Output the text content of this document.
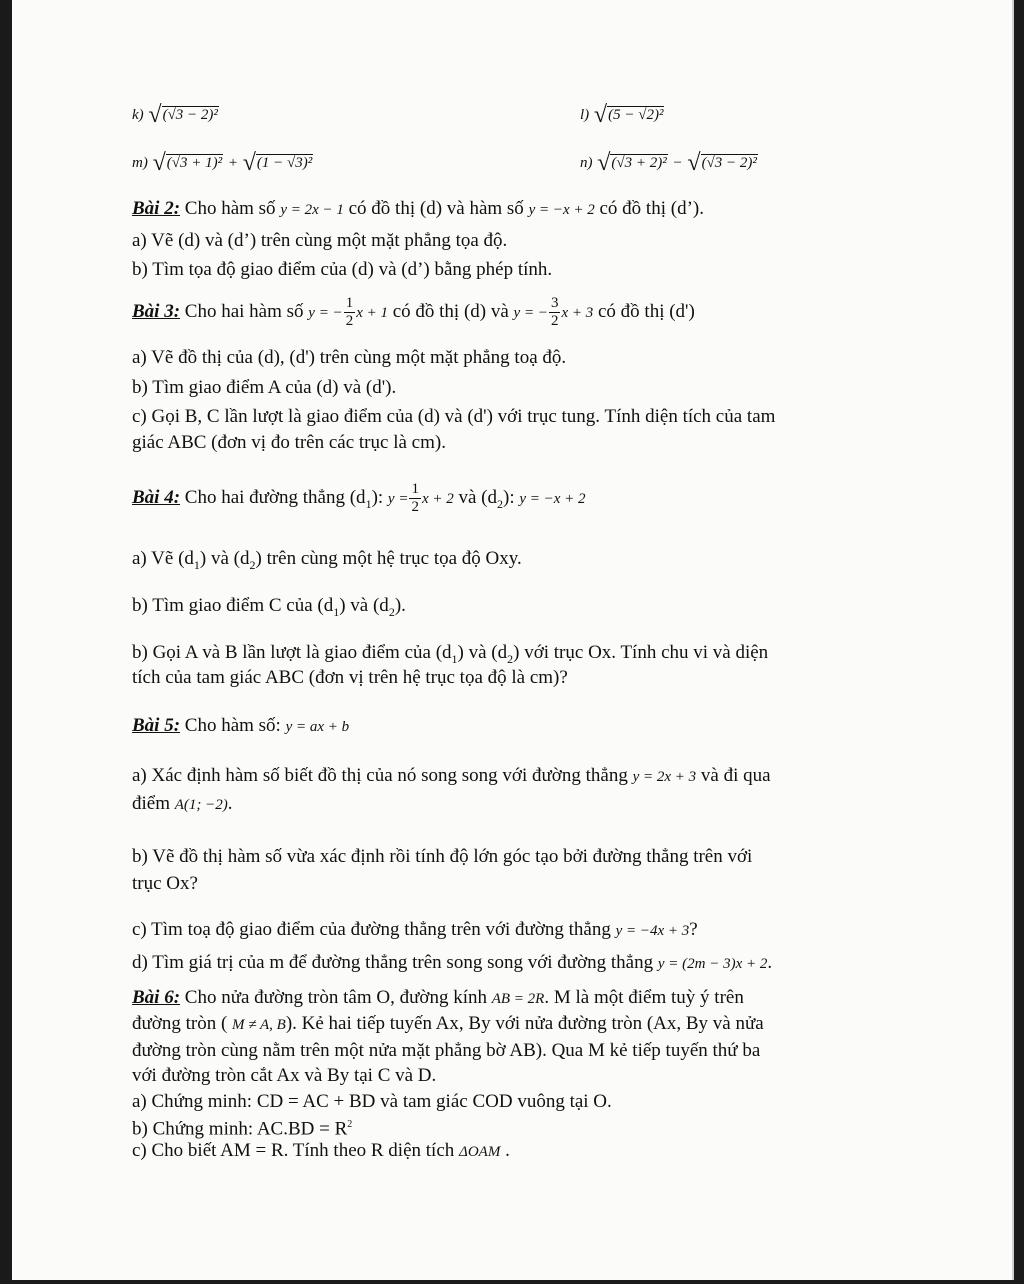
k) √(√3 − 2)²	l) √(5 − √2)²
m) √(√3 + 1)² + √(1 − √3)²	n) √(√3 + 2)² − √(√3 − 2)²
Bài 2: Cho hàm số y = 2x − 1 có đồ thị (d) và hàm số y = −x + 2 có đồ thị (d’).
a) Vẽ (d) và (d’) trên cùng một mặt phẳng tọa độ.
b) Tìm tọa độ giao điểm của (d) và (d’) bằng phép tính.
Bài 3: Cho hai hàm số y = − $\frac{1}{2}$ x + 1 có đồ thị (d) và y = − $\frac{3}{2}$ x + 3 có đồ thị (d')
a) Vẽ đồ thị của (d), (d') trên cùng một mặt phẳng toạ độ.
b) Tìm giao điểm A của (d) và (d').
c) Gọi B, C lần lượt là giao điểm của (d) và (d') với trục tung. Tính diện tích của tam
giác ABC (đơn vị đo trên các trục là cm).
Bài 4: Cho hai đường thẳng $(d_1)$: $y = \frac{1}{2}$ x + 2 và $(d_2)$: y = −x + 2
a) Vẽ $(d_1)$ và $(d_2)$ trên cùng một hệ trục tọa độ Oxy.
b) Tìm giao điểm C của $(d_1)$ và $(d_2)$.
b) Gọi A và B lần lượt là giao điểm của $(d_1)$ và $(d_2)$ với trục Ox. Tính chu vi và diện
tích của tam giác ABC (đơn vị trên hệ trục tọa độ là cm)?
Bài 5: Cho hàm số: y = ax + b
a) Xác định hàm số biết đồ thị của nó song song với đường thẳng y = 2x + 3 và đi qua
điểm A(1; −2).
b) Vẽ đồ thị hàm số vừa xác định rồi tính độ lớn góc tạo bởi đường thẳng trên với
trục Ox?
c) Tìm toạ độ giao điểm của đường thẳng trên với đường thẳng y = −4x + 3?
d) Tìm giá trị của m để đường thẳng trên song song với đường thẳng y = (2m − 3)x + 2.
Bài 6: Cho nửa đường tròn tâm O, đường kính AB = 2R. M là một điểm tuỳ ý trên
đường tròn ( M ≠ A, B). Kẻ hai tiếp tuyến Ax, By với nửa đường tròn (Ax, By và nửa
đường tròn cùng nằm trên một nửa mặt phẳng bờ AB). Qua M kẻ tiếp tuyến thứ ba
với đường tròn cắt Ax và By tại C và D.
a) Chứng minh: CD = AC + BD và tam giác COD vuông tại O.
b) Chứng minh: $AC.BD = R^2$
c) Cho biết AM = R. Tính theo R diện tích ΔOAM .
